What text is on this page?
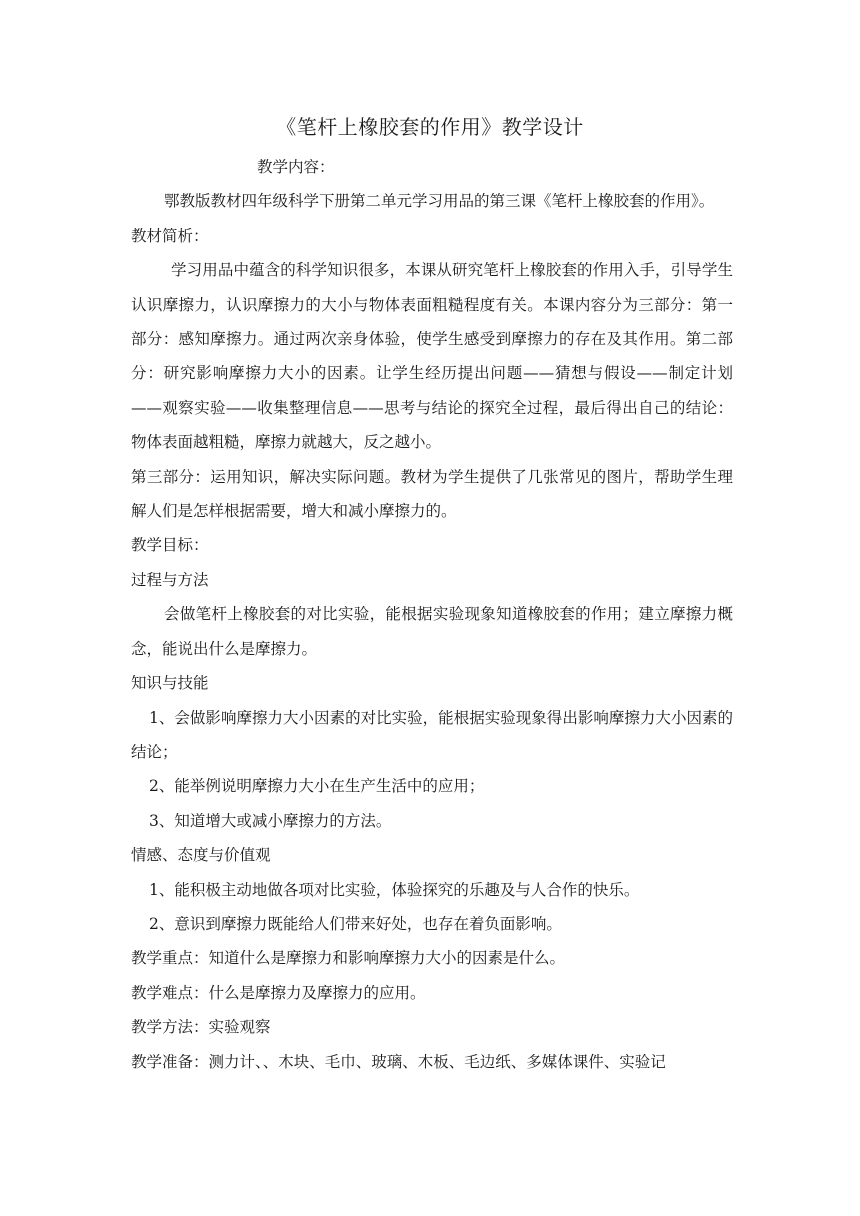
《笔杆上橡胶套的作用》教学设计

教学内容：

鄂教版教材四年级科学下册第二单元学习用品的第三课《笔杆上橡胶套的作用》。

教材简析：

学习用品中蕴含的科学知识很多，本课从研究笔杆上橡胶套的作用入手，引导学生认识摩擦力，认识摩擦力的大小与物体表面粗糙程度有关。本课内容分为三部分：第一部分：感知摩擦力。通过两次亲身体验，使学生感受到摩擦力的存在及其作用。第二部分：研究影响摩擦力大小的因素。让学生经历提出问题——猜想与假设——制定计划——观察实验——收集整理信息——思考与结论的探究全过程，最后得出自己的结论：物体表面越粗糙，摩擦力就越大，反之越小。

第三部分：运用知识，解决实际问题。教材为学生提供了几张常见的图片，帮助学生理解人们是怎样根据需要，增大和减小摩擦力的。

教学目标：

过程与方法

会做笔杆上橡胶套的对比实验，能根据实验现象知道橡胶套的作用；建立摩擦力概念，能说出什么是摩擦力。

知识与技能

1、会做影响摩擦力大小因素的对比实验，能根据实验现象得出影响摩擦力大小因素的结论；

2、能举例说明摩擦力大小在生产生活中的应用；

3、知道增大或减小摩擦力的方法。

情感、态度与价值观

1、能积极主动地做各项对比实验，体验探究的乐趣及与人合作的快乐。

2、意识到摩擦力既能给人们带来好处，也存在着负面影响。

教学重点：知道什么是摩擦力和影响摩擦力大小的因素是什么。

教学难点：什么是摩擦力及摩擦力的应用。

教学方法：实验观察

教学准备：测力计、、木块、毛巾、玻璃、木板、毛边纸、多媒体课件、实验记
